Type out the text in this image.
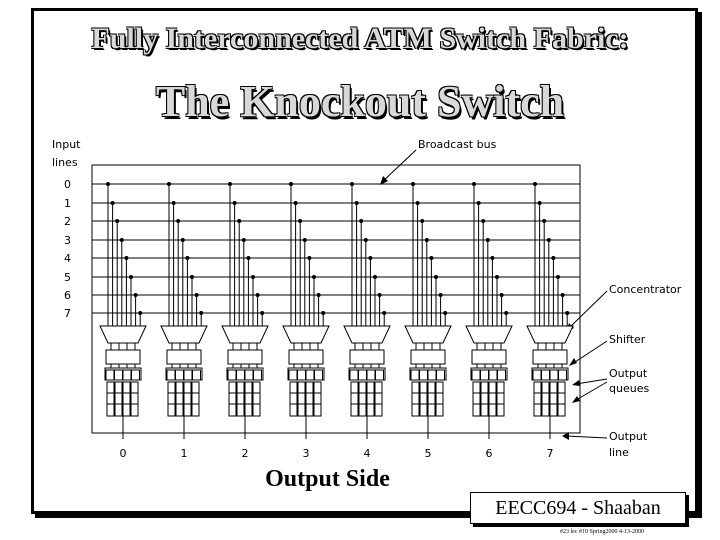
Fully Interconnected ATM Switch Fabric:
The Knockout Switch
Input
lines
Broadcast bus
Concentrator
Shifter
Output
queues
Output
line
0
1
2
3
4
5
6
7
0	1	2	3	4	5	6	7
Output Side
EECC694 - Shaaban
#23 lec #10 Spring2000 4-13-2000
